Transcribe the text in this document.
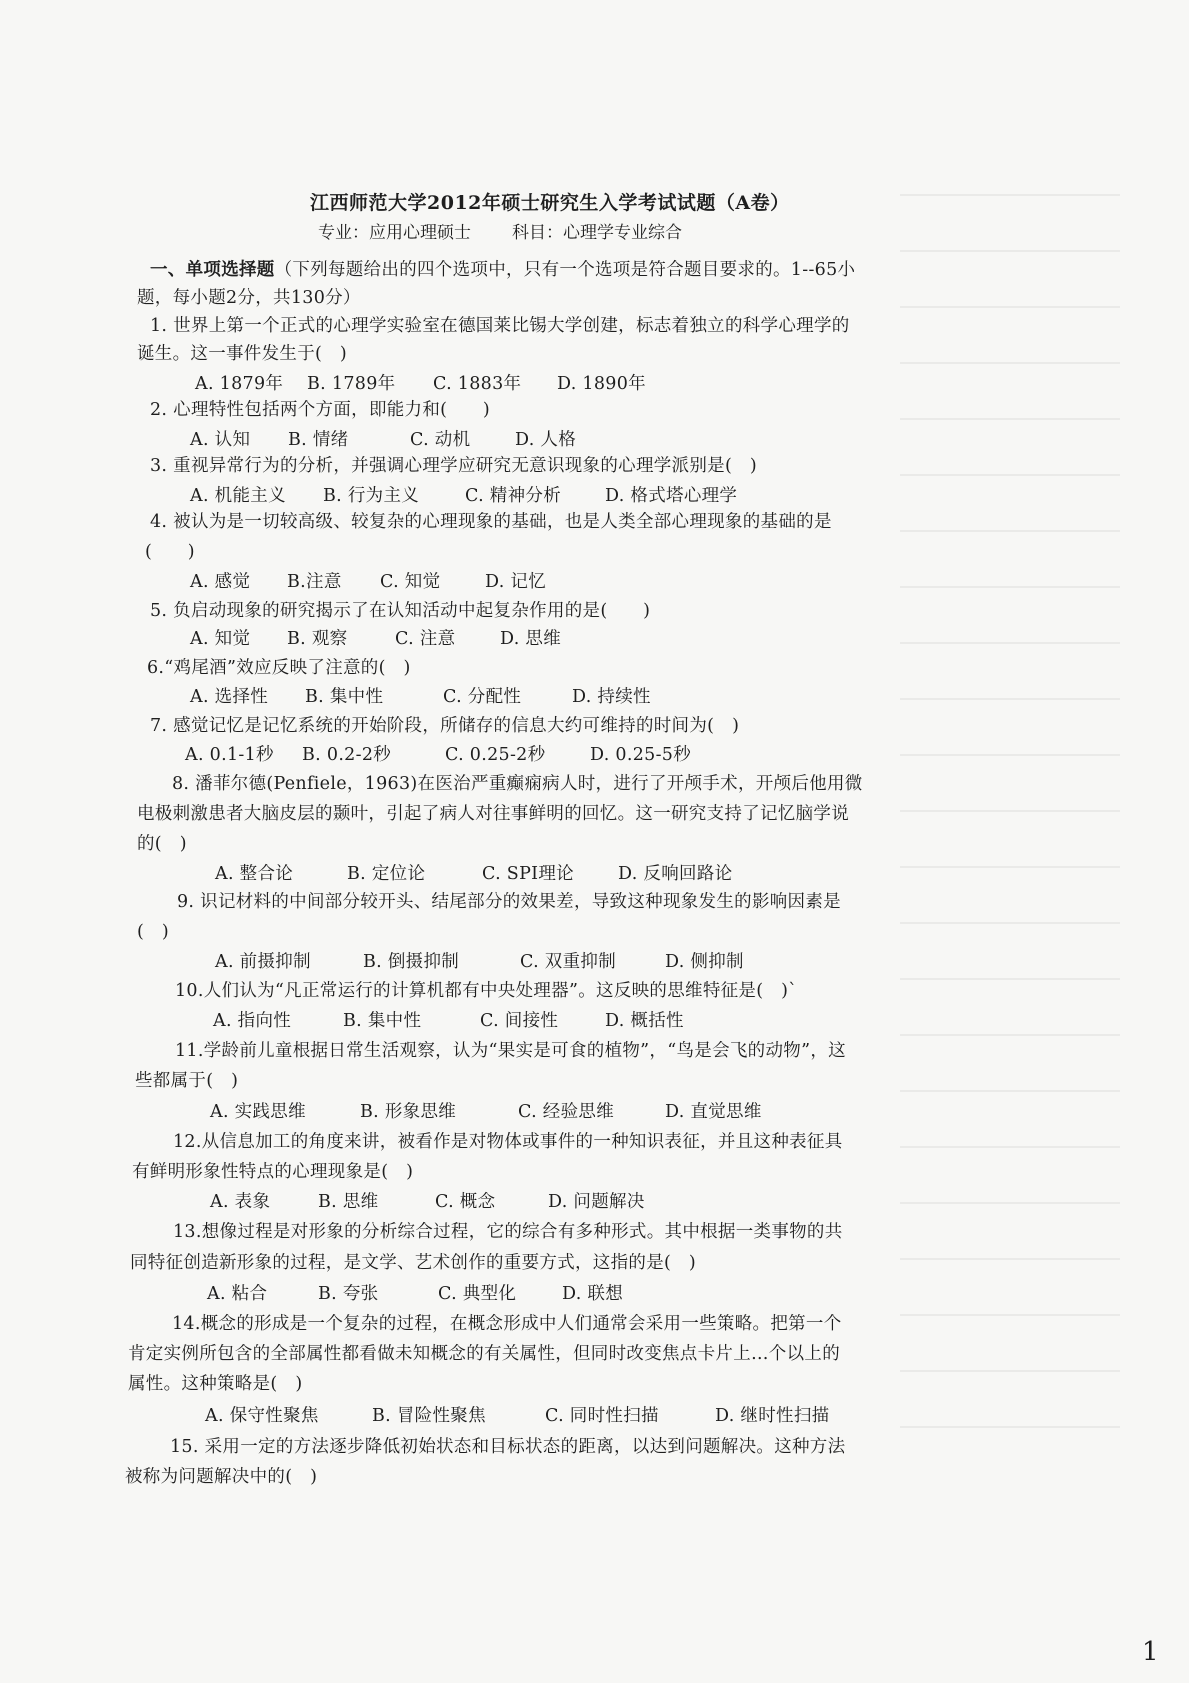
江西师范大学2012年硕士研究生入学考试试题（A卷）
专业：应用心理硕士 科目：心理学专业综合
一、单项选择题（下列每题给出的四个选项中，只有一个选项是符合题目要求的。1--65小
题，每小题2分，共130分）
1. 世界上第一个正式的心理学实验室在德国莱比锡大学创建，标志着独立的科学心理学的
诞生。这一事件发生于(　)
A. 1879年 B. 1789年 C. 1883年 D. 1890年
2. 心理特性包括两个方面，即能力和(　　)
A. 认知 B. 情绪	C. 动机	D. 人格
3. 重视异常行为的分析，并强调心理学应研究无意识现象的心理学派别是(　)
A. 机能主义 B. 行为主义	C. 精神分析	D. 格式塔心理学
4. 被认为是一切较高级、较复杂的心理现象的基础，也是人类全部心理现象的基础的是
(　　)
A. 感觉 B.注意 C. 知觉	D. 记忆
5. 负启动现象的研究揭示了在认知活动中起复杂作用的是(　　)
A. 知觉 B. 观察	C. 注意	D. 思维
6.“鸡尾酒”效应反映了注意的(　)
A. 选择性 B. 集中性	C. 分配性	D. 持续性
7. 感觉记忆是记忆系统的开始阶段，所储存的信息大约可维持的时间为(　)
A. 0.1-1秒 B. 0.2-2秒	C. 0.25-2秒	D. 0.25-5秒
8. 潘菲尔德(Penfiele，1963)在医治严重癫痫病人时，进行了开颅手术，开颅后他用微
电极刺激患者大脑皮层的颞叶，引起了病人对往事鲜明的回忆。这一研究支持了记忆脑学说
的(　)
A. 整合论	B. 定位论	C. SPI理论	D. 反响回路论
9. 识记材料的中间部分较开头、结尾部分的效果差，导致这种现象发生的影响因素是
(　)
A. 前摄抑制	B. 倒摄抑制	C. 双重抑制	D. 侧抑制
10.人们认为“凡正常运行的计算机都有中央处理器”。这反映的思维特征是(　)`
A. 指向性	B. 集中性	C. 间接性	D. 概括性
11.学龄前儿童根据日常生活观察，认为“果实是可食的植物”，“鸟是会飞的动物”，这
些都属于(　)
A. 实践思维	B. 形象思维	C. 经验思维	D. 直觉思维
12.从信息加工的角度来讲，被看作是对物体或事件的一种知识表征，并且这种表征具
有鲜明形象性特点的心理现象是(　)
A. 表象	B. 思维	C. 概念	D. 问题解决
13.想像过程是对形象的分析综合过程，它的综合有多种形式。其中根据一类事物的共
同特征创造新形象的过程，是文学、艺术创作的重要方式，这指的是(　)
A. 粘合	B. 夸张	C. 典型化	D. 联想
14.概念的形成是一个复杂的过程，在概念形成中人们通常会采用一些策略。把第一个
肯定实例所包含的全部属性都看做未知概念的有关属性，但同时改变焦点卡片上…个以上的
属性。这种策略是(　)
A. 保守性聚焦	B. 冒险性聚焦	C. 同时性扫描	D. 继时性扫描
15. 采用一定的方法逐步降低初始状态和目标状态的距离，以达到问题解决。这种方法
被称为问题解决中的(　)
1
